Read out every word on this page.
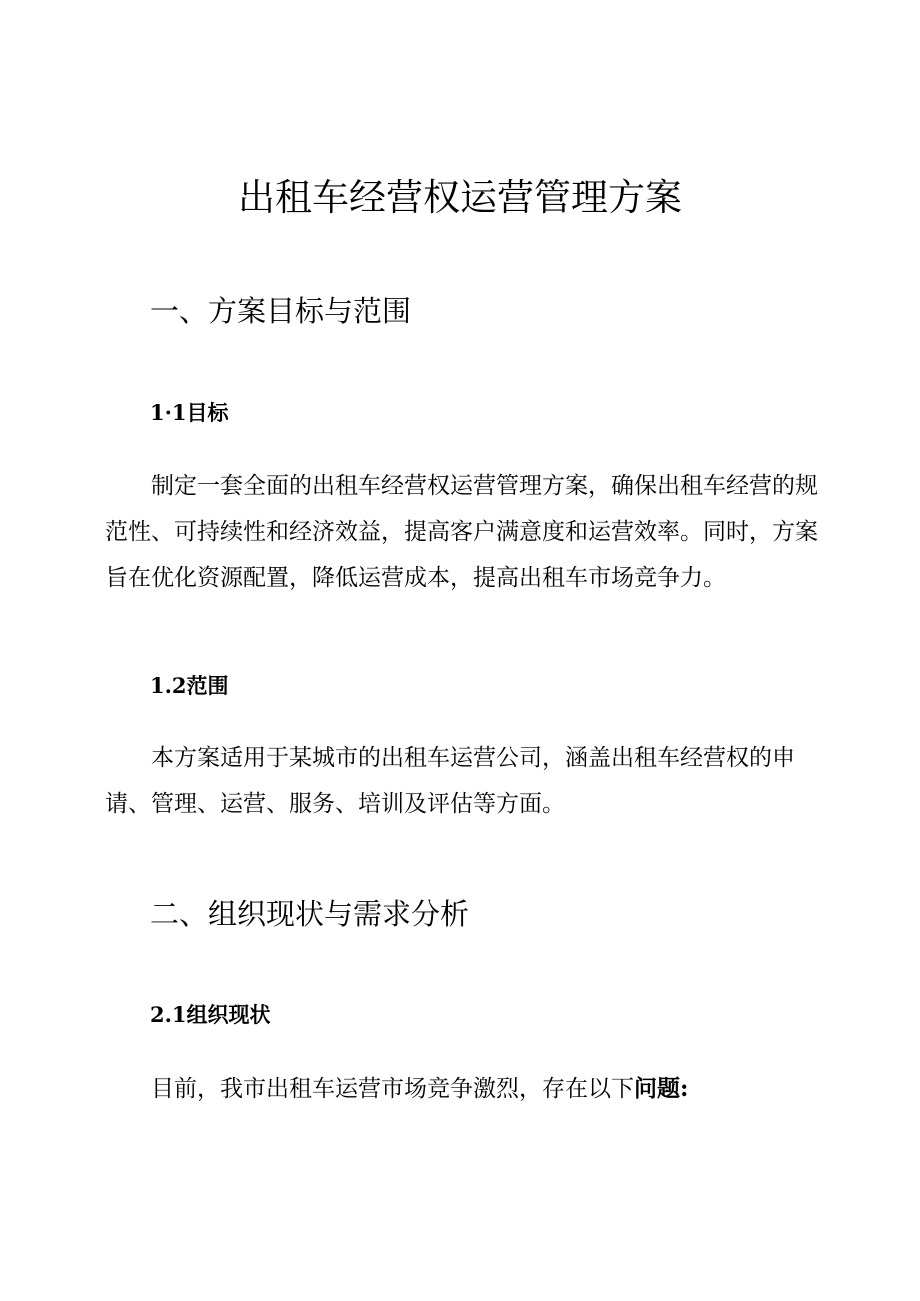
出租车经营权运营管理方案
一、方案目标与范围
1·1目标

制定一套全面的出租车经营权运营管理方案，确保出租车经营的规范性、可持续性和经济效益，提高客户满意度和运营效率。同时，方案旨在优化资源配置，降低运营成本，提高出租车市场竞争力。

1.2范围

本方案适用于某城市的出租车运营公司，涵盖出租车经营权的申请、管理、运营、服务、培训及评估等方面。

二、组织现状与需求分析
2.1组织现状

目前，我市出租车运营市场竞争激烈，存在以下问题:
